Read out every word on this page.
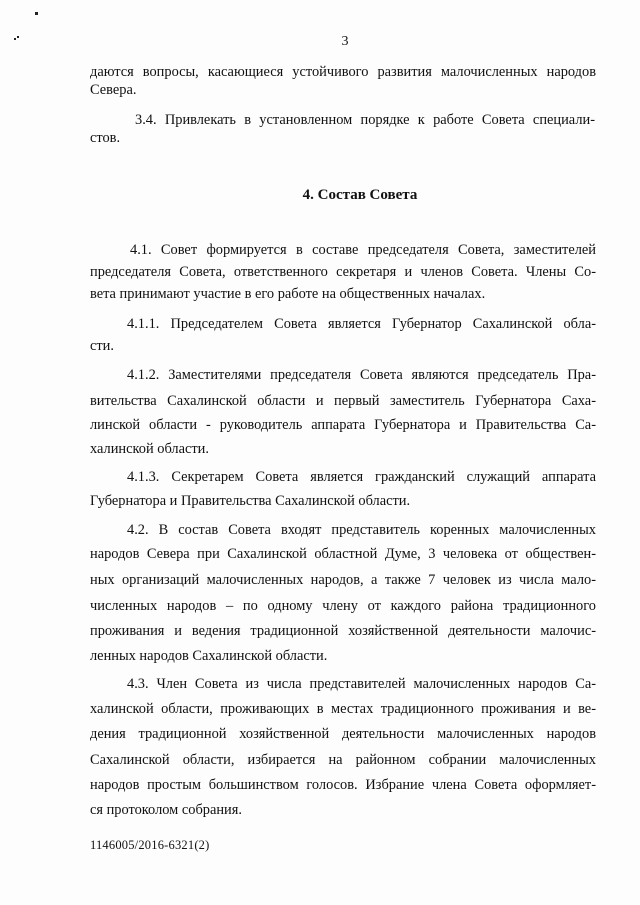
3
даются вопросы, касающиеся устойчивого развития малочисленных народов
Севера.
3.4. Привлекать в установленном порядке к работе Совета специали-
стов.
4. Состав Совета
4.1. Совет формируется в составе председателя Совета, заместителей
председателя Совета, ответственного секретаря и членов Совета. Члены Со-
вета принимают участие в его работе на общественных началах.
4.1.1. Председателем Совета является Губернатор Сахалинской обла-
сти.
4.1.2. Заместителями председателя Совета являются председатель Пра-
вительства Сахалинской области и первый заместитель Губернатора Саха-
линской области - руководитель аппарата Губернатора и Правительства Са-
халинской области.
4.1.3. Секретарем Совета является гражданский служащий аппарата
Губернатора и Правительства Сахалинской области.
4.2. В состав Совета входят представитель коренных малочисленных
народов Севера при Сахалинской областной Думе, 3 человека от обществен-
ных организаций малочисленных народов, а также 7 человек из числа мало-
численных народов – по одному члену от каждого района традиционного
проживания и ведения традиционной хозяйственной деятельности малочис-
ленных народов Сахалинской области.
4.3. Член Совета из числа представителей малочисленных народов Са-
халинской области, проживающих в местах традиционного проживания и ве-
дения традиционной хозяйственной деятельности малочисленных народов
Сахалинской области, избирается на районном собрании малочисленных
народов простым большинством голосов. Избрание члена Совета оформляет-
ся протоколом собрания.
1146005/2016-6321(2)
